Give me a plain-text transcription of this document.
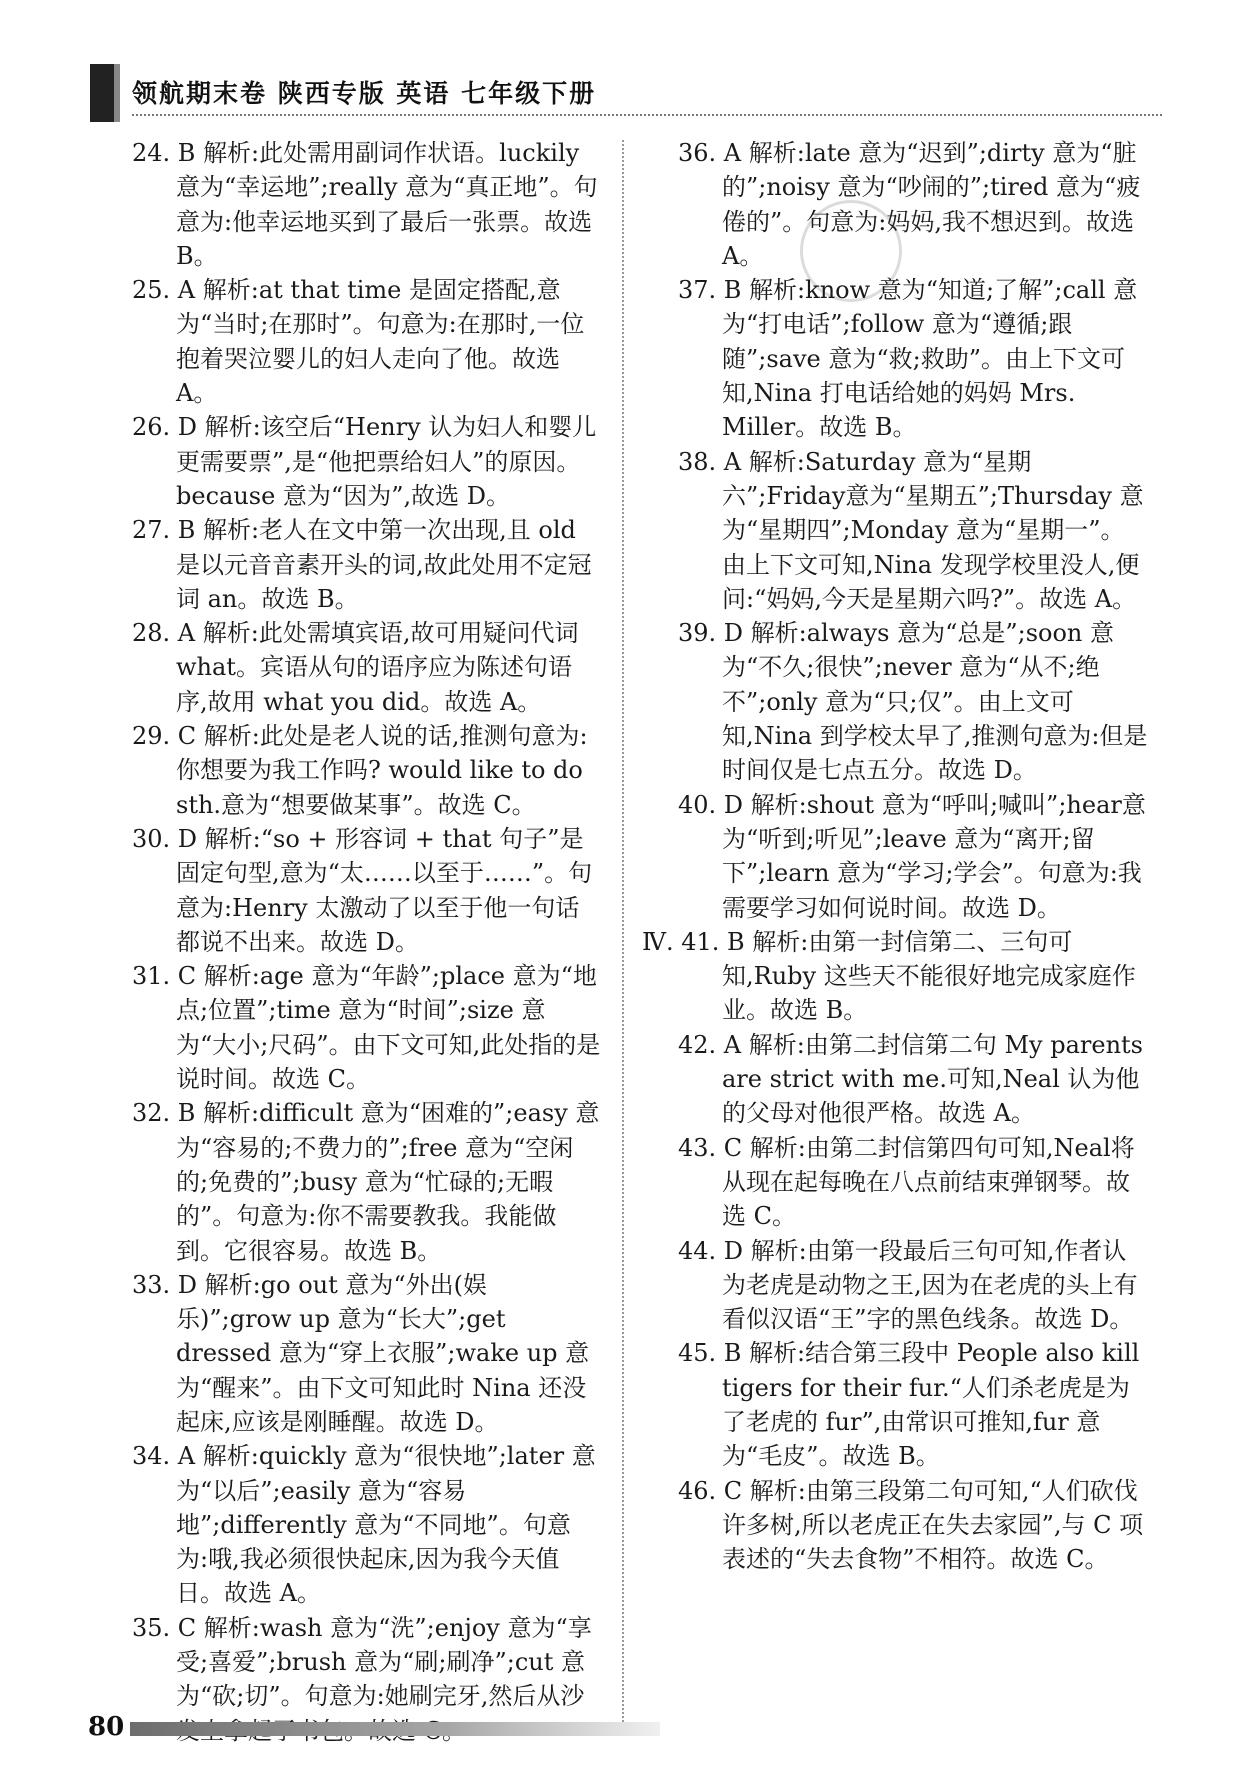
领航期末卷 陕西专版 英语 七年级下册

24. B 解析:此处需用副词作状语。luckily意为“幸运地”;really 意为“真正地”。句意为:他幸运地买到了最后一张票。故选 B。

25. A 解析:at that time 是固定搭配,意为“当时;在那时”。句意为:在那时,一位抱着哭泣婴儿的妇人走向了他。故选 A。

26. D 解析:该空后“Henry 认为妇人和婴儿更需要票”,是“他把票给妇人”的原因。because 意为“因为”,故选 D。

27. B 解析:老人在文中第一次出现,且 old 是以元音音素开头的词,故此处用不定冠词 an。故选 B。

28. A 解析:此处需填宾语,故可用疑问代词 what。宾语从句的语序应为陈述句语序,故用 what you did。故选 A。

29. C 解析:此处是老人说的话,推测句意为:你想要为我工作吗? would like to do sth.意为“想要做某事”。故选 C。

30. D 解析:“so + 形容词 + that 句子”是固定句型,意为“太……以至于……”。句意为:Henry 太激动了以至于他一句话都说不出来。故选 D。

31. C 解析:age 意为“年龄”;place 意为“地点;位置”;time 意为“时间”;size 意为“大小;尺码”。由下文可知,此处指的是说时间。故选 C。

32. B 解析:difficult 意为“困难的”;easy 意为“容易的;不费力的”;free 意为“空闲的;免费的”;busy 意为“忙碌的;无暇的”。句意为:你不需要教我。我能做到。它很容易。故选 B。

33. D 解析:go out 意为“外出(娱乐)”;grow up 意为“长大”;get dressed 意为“穿上衣服”;wake up 意为“醒来”。由下文可知此时 Nina 还没起床,应该是刚睡醒。故选 D。

34. A 解析:quickly 意为“很快地”;later 意为“以后”;easily 意为“容易地”;differently 意为“不同地”。句意为:哦,我必须很快起床,因为我今天值日。故选 A。

35. C 解析:wash 意为“洗”;enjoy 意为“享受;喜爱”;brush 意为“刷;刷净”;cut 意为“砍;切”。句意为:她刷完牙,然后从沙

36. A 解析:late 意为“迟到”;dirty 意为“脏的”;noisy 意为“吵闹的”;tired 意为“疲倦的”。句意为:妈妈,我不想迟到。故选 A。

37. B 解析:know 意为“知道;了解”;call 意为“打电话”;follow 意为“遵循;跟随”;save 意为“救;救助”。由上下文可知,Nina 打电话给她的妈妈 Mrs. Miller。故选 B。

38. A 解析:Saturday 意为“星期六”;Friday意为“星期五”;Thursday 意为“星期四”;Monday 意为“星期一”。由上下文可知,Nina 发现学校里没人,便问:“妈妈,今天是星期六吗?”。故选 A。

39. D 解析:always 意为“总是”;soon 意为“不久;很快”;never 意为“从不;绝不”;only 意为“只;仅”。由上文可知,Nina 到学校太早了,推测句意为:但是时间仅是七点五分。故选 D。

40. D 解析:shout 意为“呼叫;喊叫”;hear意为“听到;听见”;leave 意为“离开;留下”;learn 意为“学习;学会”。句意为:我需要学习如何说时间。故选 D。

Ⅳ. 41. B 解析:由第一封信第二、三句可知,Ruby 这些天不能很好地完成家庭作业。故选 B。

42. A 解析:由第二封信第二句 My parents are strict with me.可知,Neal 认为他的父母对他很严格。故选 A。

43. C 解析:由第二封信第四句可知,Neal将从现在起每晚在八点前结束弹钢琴。故选 C。

44. D 解析:由第一段最后三句可知,作者认为老虎是动物之王,因为在老虎的头上有看似汉语“王”字的黑色线条。故选 D。

45. B 解析:结合第三段中 People also kill tigers for their fur.“人们杀老虎是为了老虎的 fur”,由常识可推知,fur 意为“毛皮”。故选 B。

46. C 解析:由第三段第二句可知,“人们砍伐许多树,所以老虎正在失去家园”,与 C 项表述的“失去食物”不相符。故选 C。

80
